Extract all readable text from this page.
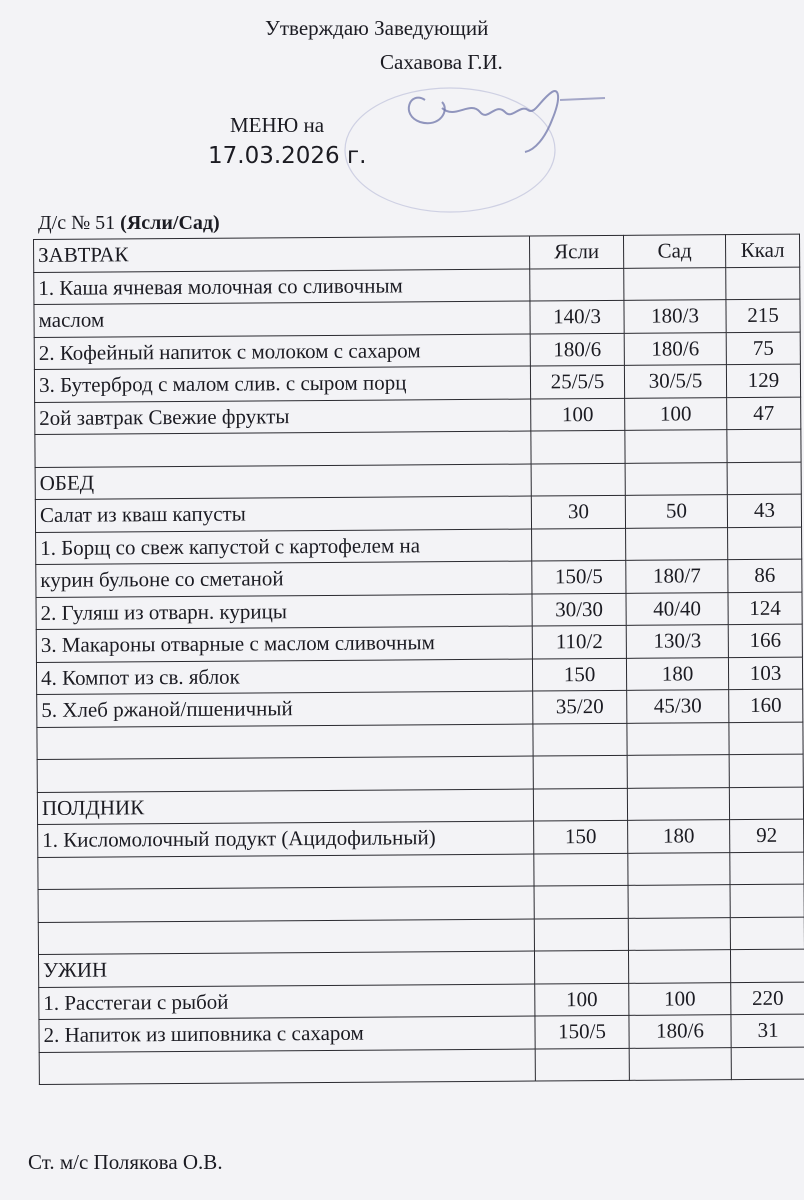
Утверждаю Заведующий
Сахавова Г.И.
МЕНЮ на
17.03.2026 г.
Д/с № 51 (Ясли/Сад)
ЗАВТРАК	Ясли	Сад	Ккал
1. Каша ячневая молочная со сливочным			
маслом	140/3	180/3	215
2. Кофейный напиток с молоком с сахаром	180/6	180/6	75
3. Бутерброд с малом слив. с сыром порц	25/5/5	30/5/5	129
2ой завтрак Свежие фрукты	100	100	47

ОБЕД			
Салат из кваш капусты	30	50	43
1. Борщ со свеж капустой с картофелем на			
курин бульоне со сметаной	150/5	180/7	86
2. Гуляш из отварн. курицы	30/30	40/40	124
3. Макароны отварные с маслом сливочным	110/2	130/3	166
4. Компот из св. яблок	150	180	103
5. Хлеб ржаной/пшеничный	35/20	45/30	160

ПОЛДНИК			
1. Кисломолочный подукт (Ацидофильный)	150	180	92

УЖИН			
1. Расстегаи с рыбой	100	100	220
2. Напиток из шиповника с сахаром	150/5	180/6	31

Ст. м/с Полякова О.В.
